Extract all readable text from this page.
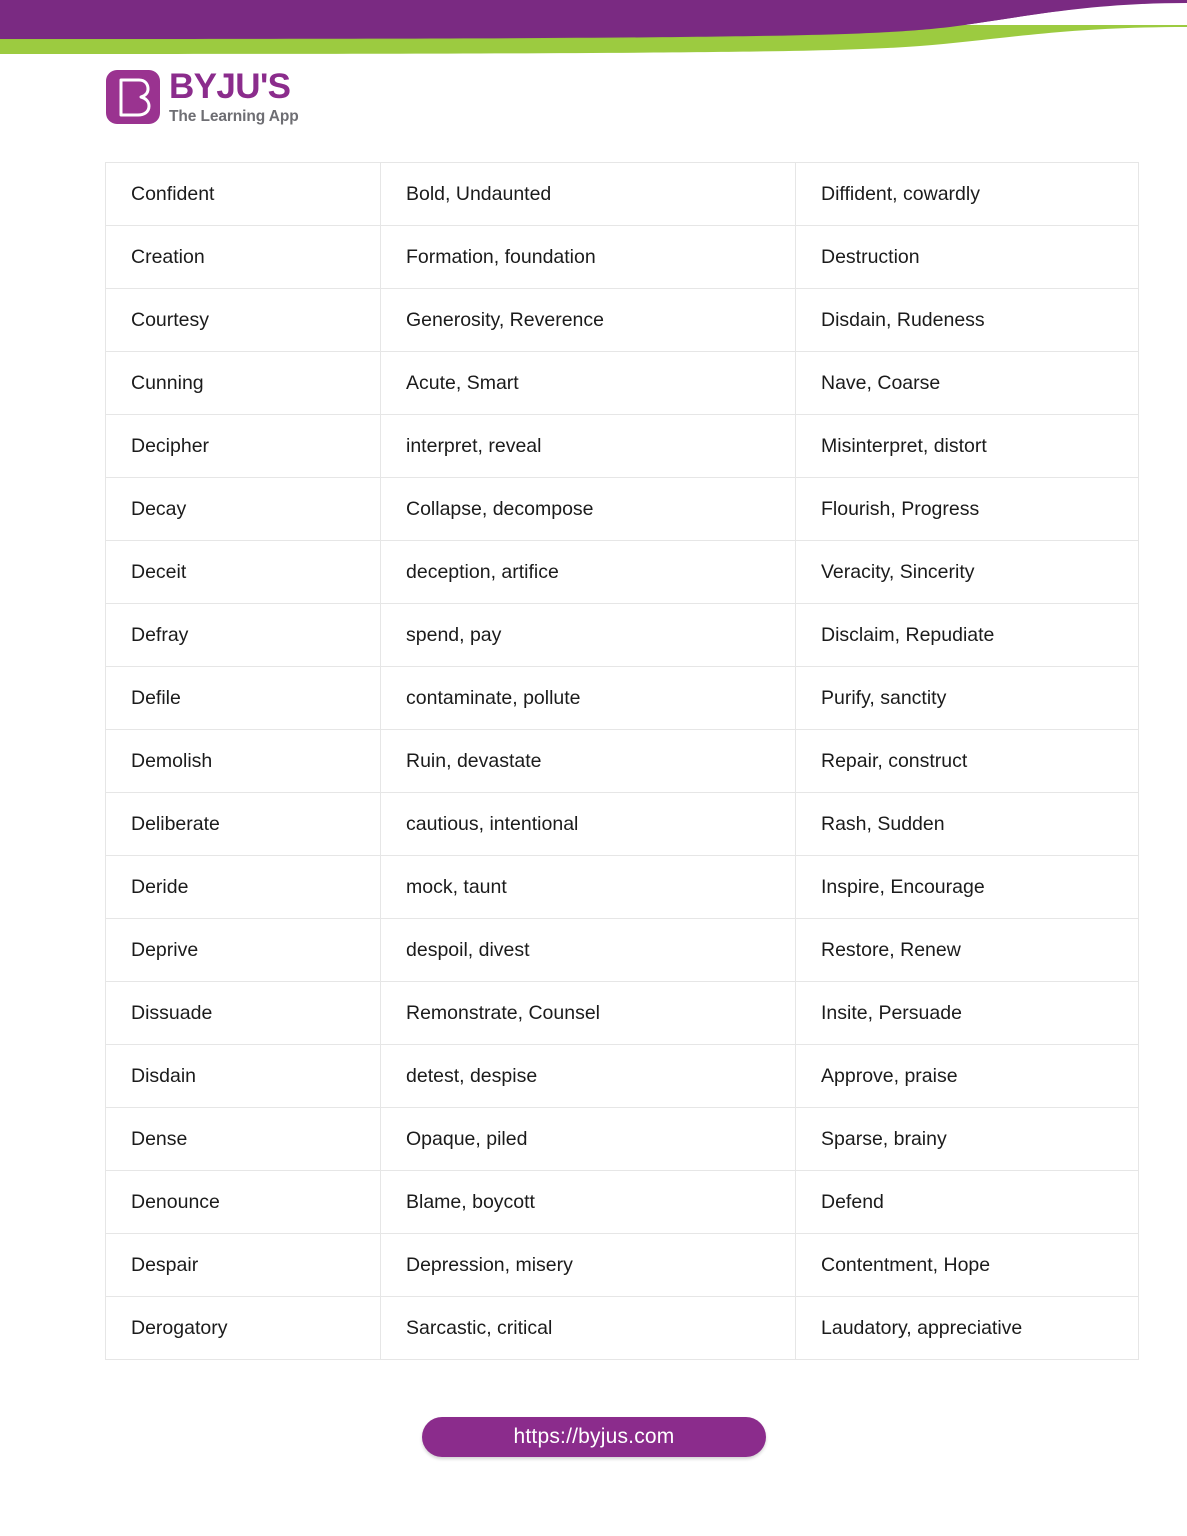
BYJU'S
The Learning App
Confident	Bold, Undaunted	Diffident, cowardly
Creation	Formation, foundation	Destruction
Courtesy	Generosity, Reverence	Disdain, Rudeness
Cunning	Acute, Smart	Nave, Coarse
Decipher	interpret, reveal	Misinterpret, distort
Decay	Collapse, decompose	Flourish, Progress
Deceit	deception, artifice	Veracity, Sincerity
Defray	spend, pay	Disclaim, Repudiate
Defile	contaminate, pollute	Purify, sanctity
Demolish	Ruin, devastate	Repair, construct
Deliberate	cautious, intentional	Rash, Sudden
Deride	mock, taunt	Inspire, Encourage
Deprive	despoil, divest	Restore, Renew
Dissuade	Remonstrate, Counsel	Insite, Persuade
Disdain	detest, despise	Approve, praise
Dense	Opaque, piled	Sparse, brainy
Denounce	Blame, boycott	Defend
Despair	Depression, misery	Contentment, Hope
Derogatory	Sarcastic, critical	Laudatory, appreciative
https://byjus.com
